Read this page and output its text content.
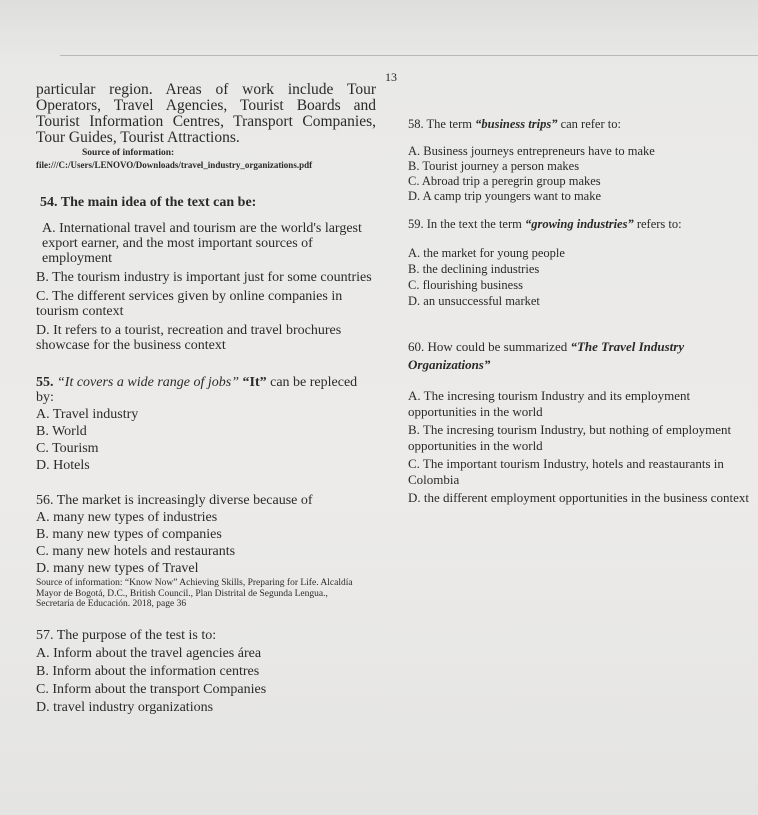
13

particular region. Areas of work include Tour Operators, Travel Agencies, Tourist Boards and Tourist Information Centres, Transport Companies, Tour Guides, Tourist Attractions.

Source of information:

file:///C:/Users/LENOVO/Downloads/travel_industry_organizations.pdf

54. The main idea of the text can be:

A. International travel and tourism are the world's largest export earner, and the most important sources of employment

B. The tourism industry is important just for some countries

C. The different services given by online companies in tourism context

D. It refers to a tourist, recreation and travel brochures showcase for the business context

55. “It covers a wide range of jobs” “It” can be repleced by:

A. Travel industry

B. World

C. Tourism

D. Hotels

56. The market is increasingly diverse because of

A. many new types of industries

B. many new types of companies

C. many new hotels and restaurants

D. many new types of Travel

Source of information: “Know Now” Achieving Skills, Preparing for Life. Alcaldía Mayor de Bogotá, D.C., British Council., Plan Distrital de Segunda Lengua., Secretaría de Educación. 2018, page 36

57. The purpose of the test is to:

A. Inform about the travel agencies área

B. Inform about the information centres

C. Inform about the transport Companies

D. travel industry organizations

58. The term “business trips” can refer to:

A. Business journeys entrepreneurs have to make

B. Tourist journey a person makes

C. Abroad trip a peregrin group makes

D. A camp trip youngers want to make

59. In the text the term “growing industries” refers to:

A. the market for young people

B. the declining industries

C. flourishing business

D. an unsuccessful market

60. How could be summarized “The Travel Industry Organizations”

A. The incresing tourism Industry and its employment opportunities in the world

B. The incresing tourism Industry, but nothing of employment opportunities in the world

C. The important tourism Industry, hotels and reastaurants in Colombia

D. the different employment opportunities in the business context
